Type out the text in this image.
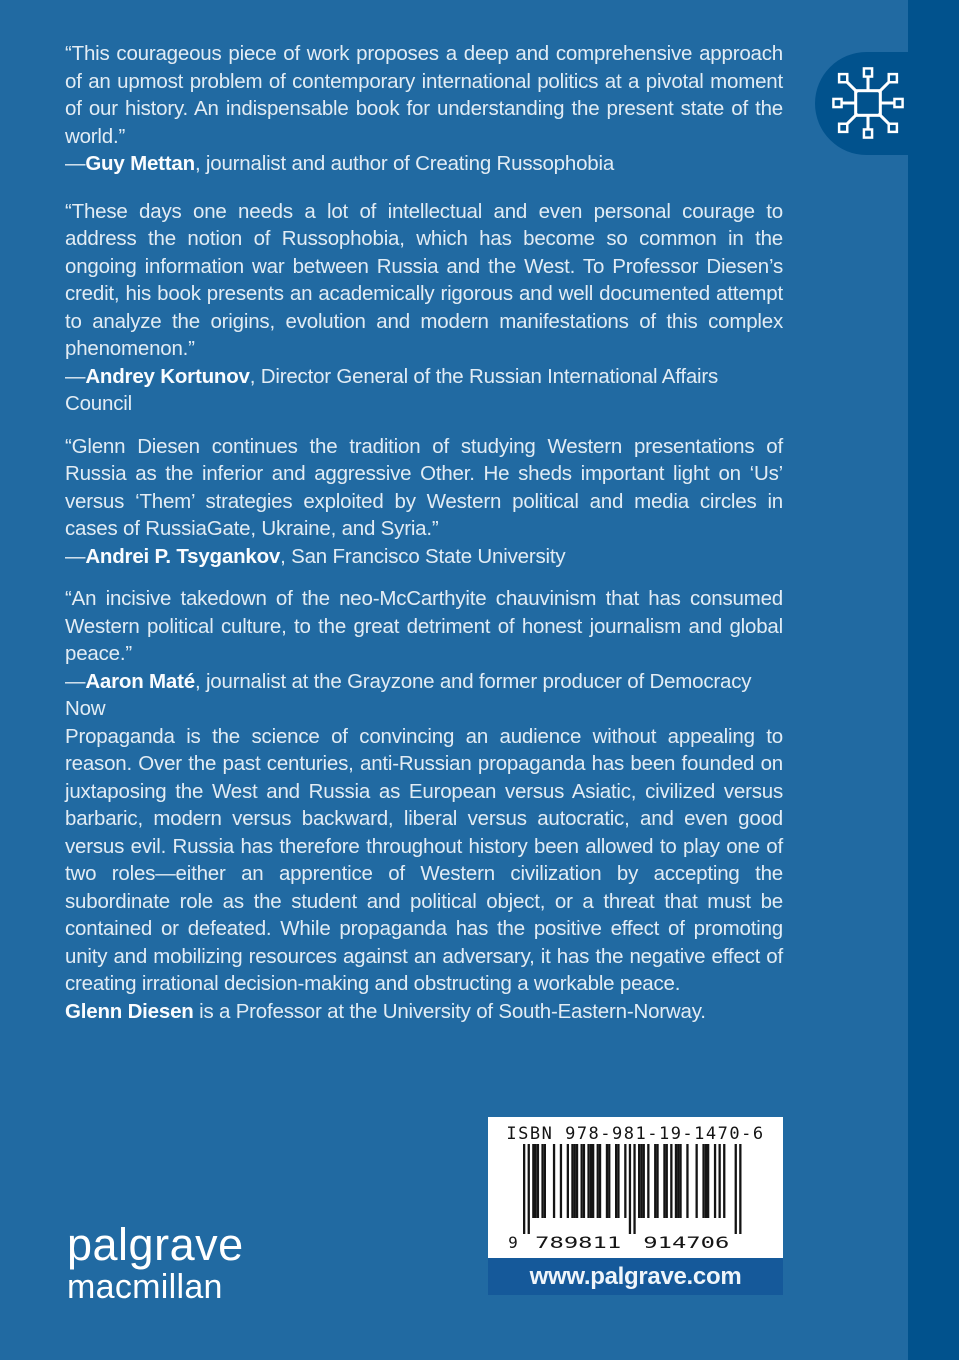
“This courageous piece of work proposes a deep and comprehensive approach of an upmost problem of contemporary international politics at a pivotal moment of our history. An indispensable book for understanding the present state of the world.”

—Guy Mettan, journalist and author of Creating Russophobia

“These days one needs a lot of intellectual and even personal courage to address the notion of Russophobia, which has become so common in the ongoing information war between Russia and the West. To Professor Diesen’s credit, his book presents an academically rigorous and well documented attempt to analyze the origins, evolution and modern manifestations of this complex phenomenon.”

—Andrey Kortunov, Director General of the Russian International Affairs Council

“Glenn Diesen continues the tradition of studying Western presentations of Russia as the inferior and aggressive Other. He sheds important light on ‘Us’ versus ‘Them’ strategies exploited by Western political and media circles in cases of RussiaGate, Ukraine, and Syria.”

—Andrei P. Tsygankov, San Francisco State University

“An incisive takedown of the neo-McCarthyite chauvinism that has consumed Western political culture, to the great detriment of honest journalism and global peace.”

—Aaron Maté, journalist at the Grayzone and former producer of Democracy Now

Propaganda is the science of convincing an audience without appealing to reason. Over the past centuries, anti-Russian propaganda has been founded on juxtaposing the West and Russia as European versus Asiatic, civilized versus barbaric, modern versus backward, liberal versus autocratic, and even good versus evil. Russia has therefore throughout history been allowed to play one of two roles—either an apprentice of Western civilization by accepting the subordinate role as the student and political object, or a threat that must be contained or defeated. While propaganda has the positive effect of promoting unity and mobilizing resources against an adversary, it has the negative effect of creating irrational decision-making and obstructing a workable peace.

Glenn Diesen is a Professor at the University of South-Eastern-Norway.

ISBN 978-981-19-1470-6
9 789811 914706
www.palgrave.com
palgrave
macmillan
